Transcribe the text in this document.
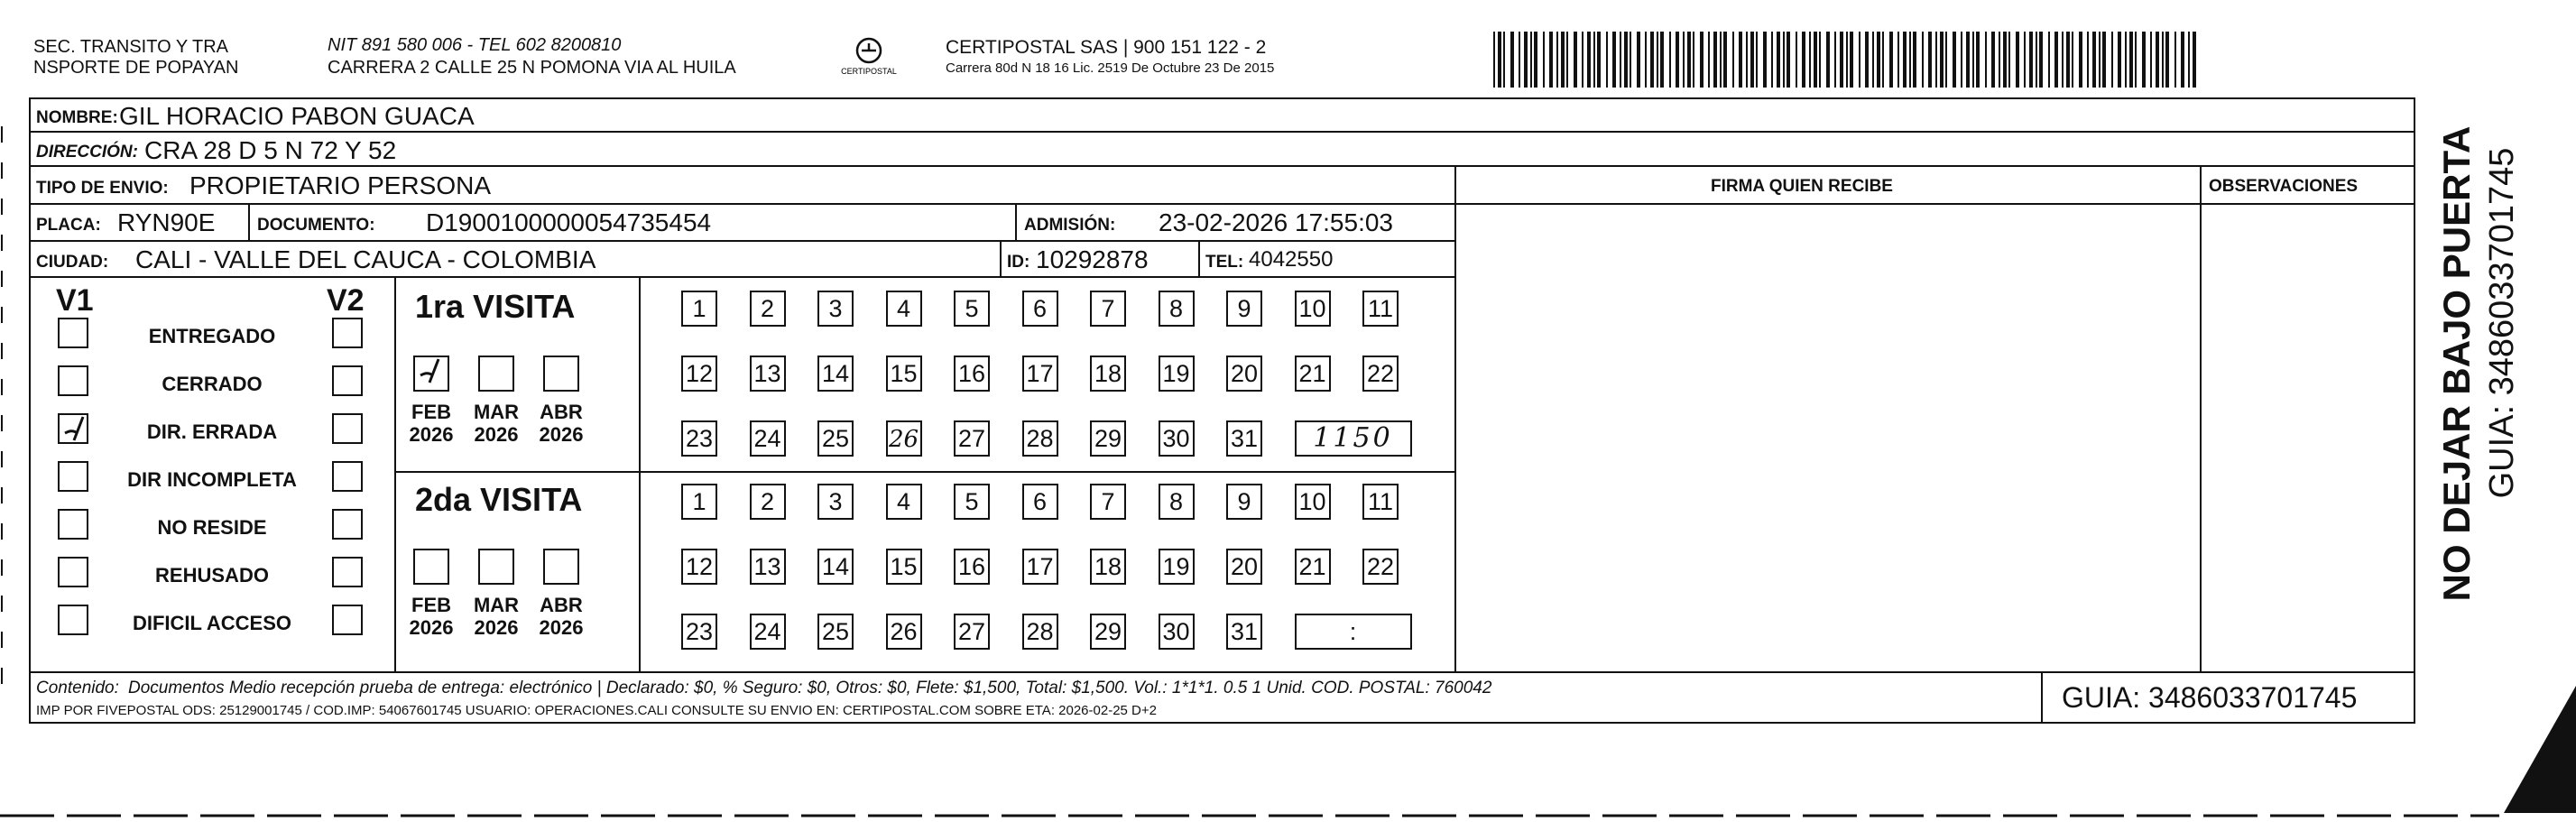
SEC. TRANSITO Y TRA
NSPORTE DE POPAYAN
NIT 891 580 006 - TEL 602 8200810
CARRERA 2 CALLE 25 N POMONA VIA AL HUILA	CERTIPOSTAL
CERTIPOSTAL SAS | 900 151 122 - 2
Carrera 80d N 18 16 Lic. 2519 De Octubre 23 De 2015
NOMBRE: GIL HORACIO PABON GUACA
DIRECCIÓN: CRA 28 D 5 N 72 Y 52
TIPO DE ENVIO: PROPIETARIO PERSONA	FIRMA QUIEN RECIBE	OBSERVACIONES
PLACA: RYN90E DOCUMENTO: D1900100000054735454	ADMISIÓN: 23-02-2026 17:55:03
CIUDAD: CALI - VALLE DEL CAUCA - COLOMBIA	ID: 10292878	TEL: 4042550
V1	V2
ENTREGADO
CERRADO
DIR. ERRADA
DIR INCOMPLETA
NO RESIDE
REHUSADO
DIFICIL ACCESO
1ra VISITA
2da VISITA
FEB
2026
MAR
2026
ABR
2026
1	2	3	4	5	6	7	8	9	10 11
12 13 14 15 16 17 18 19 20 21 22
23 24 25 26 27 28 29 30 31	1150
FEB
2026
MAR
2026
ABR
2026
1	2	3	4	5	6	7	8	9	10 11
12 13 14 15 16 17 18 19 20 21 22
23 24 25 26 27 28 29 30 31	:
Contenido: Documentos Medio recepción prueba de entrega: electrónico | Declarado: $0, % Seguro: $0, Otros: $0, Flete: $1,500, Total: $1,500. Vol.: 1*1*1. 0.5 1 Unid. COD. POSTAL: 760042
IMP POR FIVEPOSTAL ODS: 25129001745 / COD.IMP: 54067601745 USUARIO: OPERACIONES.CALI CONSULTE SU ENVIO EN: CERTIPOSTAL.COM SOBRE ETA: 2026-02-25 D+2	GUIA: 3486033701745
NO DEJAR BAJO PUERTA GUIA: 3486033701745
